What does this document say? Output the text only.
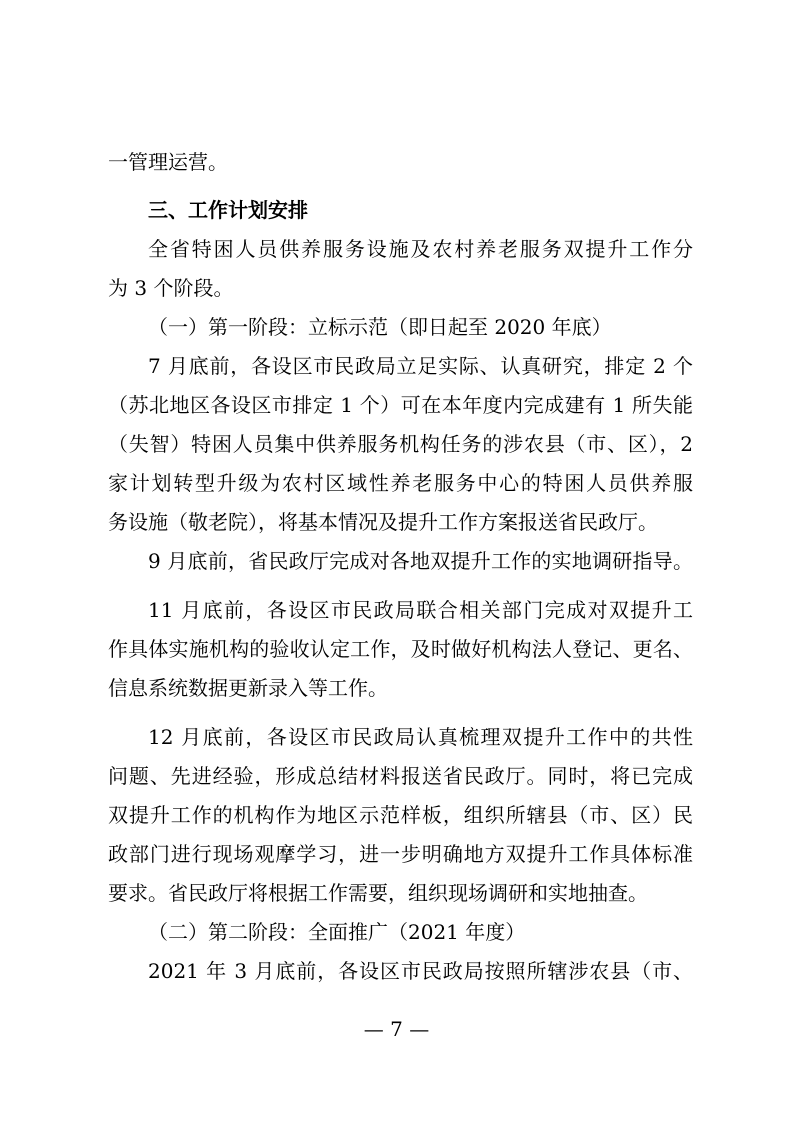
一管理运营。
三、工作计划安排
全省特困人员供养服务设施及农村养老服务双提升工作分
为 3 个阶段。
（一）第一阶段：立标示范（即日起至 2020 年底）
7 月底前，各设区市民政局立足实际、认真研究，排定 2 个
（苏北地区各设区市排定 1 个）可在本年度内完成建有 1 所失能
（失智）特困人员集中供养服务机构任务的涉农县（市、区），2
家计划转型升级为农村区域性养老服务中心的特困人员供养服
务设施（敬老院），将基本情况及提升工作方案报送省民政厅。
9 月底前，省民政厅完成对各地双提升工作的实地调研指导。
11 月底前，各设区市民政局联合相关部门完成对双提升工
作具体实施机构的验收认定工作，及时做好机构法人登记、更名、
信息系统数据更新录入等工作。
12 月底前，各设区市民政局认真梳理双提升工作中的共性
问题、先进经验，形成总结材料报送省民政厅。同时，将已完成
双提升工作的机构作为地区示范样板，组织所辖县（市、区）民
政部门进行现场观摩学习，进一步明确地方双提升工作具体标准
要求。省民政厅将根据工作需要，组织现场调研和实地抽查。
（二）第二阶段：全面推广（2021 年度）
2021 年 3 月底前，各设区市民政局按照所辖涉农县（市、
— 7 —
